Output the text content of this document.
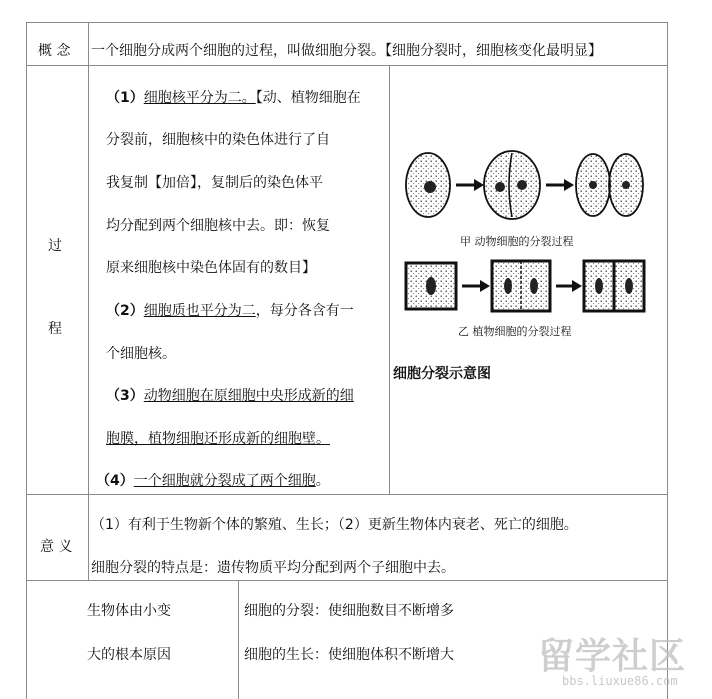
概 念 一个细胞分成两个细胞的过程，叫做细胞分裂。【细胞分裂时，细胞核变化最明显】
过
程
（1）细胞核平分为二。【动、植物细胞在
分裂前，细胞核中的染色体进行了自
我复制【加倍】，复制后的染色体平
均分配到两个细胞核中去。即：恢复
原来细胞核中染色体固有的数目】
（2）细胞质也平分为二，每分各含有一
个细胞核。
（3）动物细胞在原细胞中央形成新的细
胞膜，植物细胞还形成新的细胞壁。
（4）一个细胞就分裂成了两个细胞。
甲 动物细胞的分裂过程
乙 植物细胞的分裂过程
细胞分裂示意图
意 义
（1）有利于生物新个体的繁殖、生长；（2）更新生物体内衰老、死亡的细胞。
细胞分裂的特点是：遗传物质平均分配到两个子细胞中去。
生物体由小变
大的根本原因
细胞的分裂：使细胞数目不断增多
细胞的生长：使细胞体积不断增大 留学社区
bbs.liuxue86.com
